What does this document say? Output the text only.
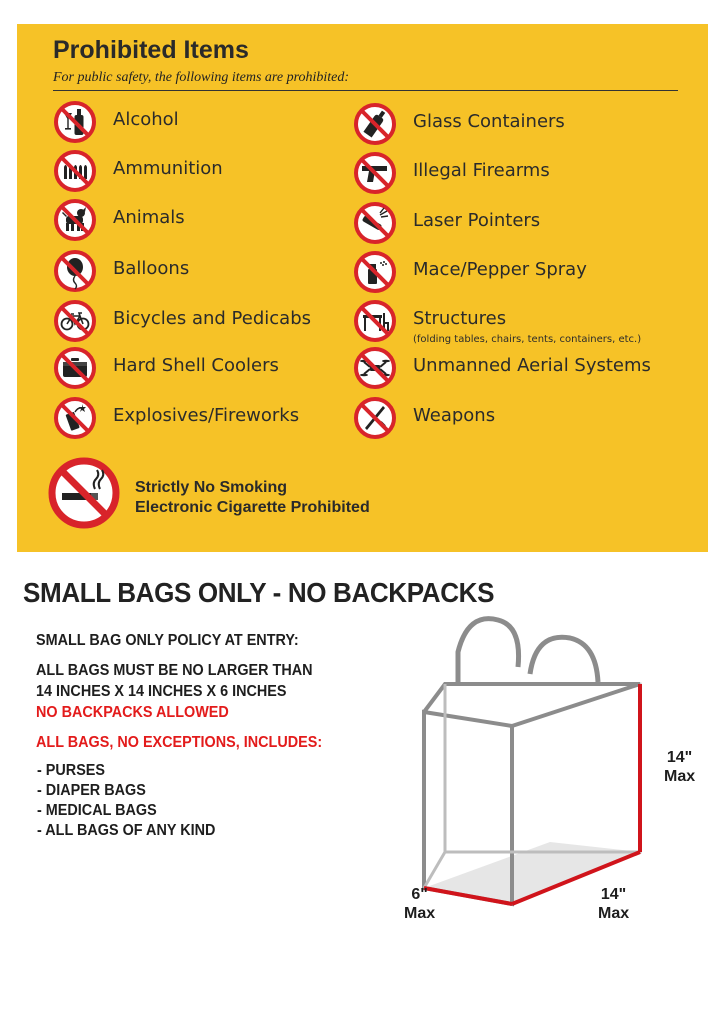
Prohibited Items
For public safety, the following items are prohibited:
Alcohol
Ammunition
Animals
Balloons
Bicycles and Pedicabs
Hard Shell Coolers
Explosives/Fireworks
Glass Containers
Illegal Firearms
Laser Pointers
Mace/Pepper Spray
Structures
(folding tables, chairs, tents, containers, etc.)
Unmanned Aerial Systems
Weapons
Strictly No Smoking
Electronic Cigarette Prohibited
SMALL BAGS ONLY - NO BACKPACKS
SMALL BAG ONLY POLICY AT ENTRY:
ALL BAGS MUST BE NO LARGER THAN
14 INCHES X 14 INCHES X 6 INCHES
NO BACKPACKS ALLOWED
ALL BAGS, NO EXCEPTIONS, INCLUDES:
- PURSES
- DIAPER BAGS
- MEDICAL BAGS
- ALL BAGS OF ANY KIND
14"
Max
6"
Max
14"
Max
